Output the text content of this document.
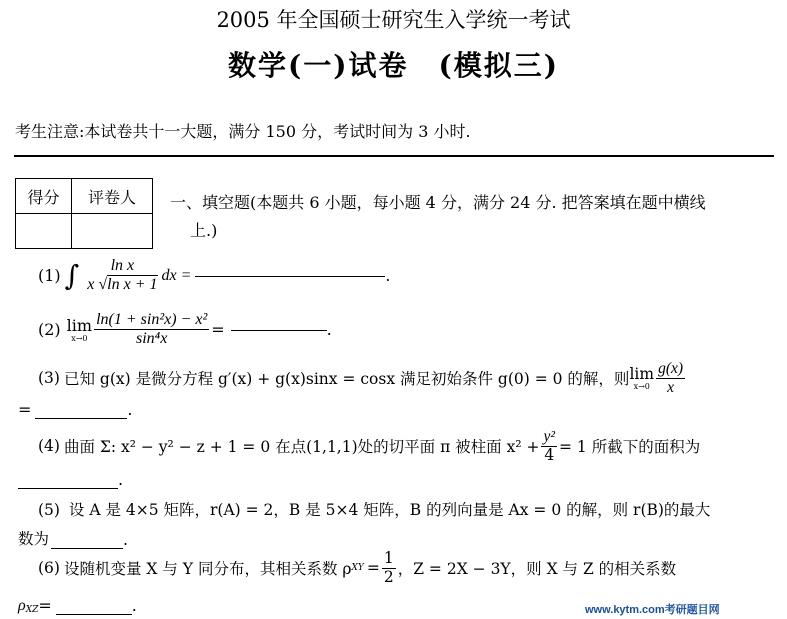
2005 年全国硕士研究生入学统一考试
数学(一)试卷　(模拟三)
考生注意:本试卷共十一大题，满分 150 分，考试时间为 3 小时.
得分	评卷人
	一、填空题(本题共 6 小题，每小题 4 分，满分 24 分. 把答案填在题中横线
上.)
(1) ∫ $\frac{\text{ln x}}{\text{x √ln x + 1}}$ dx =	.
(2) lim
$x\to 0 \frac{\text{ln(1 + sin²x) − x²}}{\text{sin⁴x}}$ =	.
(3) 已知 g(x) 是微分方程 g′(x) + g(x)sinx = cosx 满足初始条件 g(0) = 0 的解，则 lim
$x\to 0 \frac{g(x)}{x}$
=	.
(4) 曲面 Σ: x² − y² − z + 1 = 0 在点(1,1,1)处的切平面 π 被柱面 $x^2 + \frac{\text{y²}}{4} = 1$ 所截下的面积为
.
(5) 设 A 是 4×5 矩阵，r(A) = 2，B 是 5×4 矩阵，B 的列向量是 Ax = 0 的解，则 r(B)的最大
数为	.
(6) 设随机变量 X 与 Y 同分布，其相关系数 ρ XY = $\frac{1}{2}$ ，Z = 2X − 3Y，则 X 与 Z 的相关系数
ρ XZ =	.	www.kytm.com考研题目网
